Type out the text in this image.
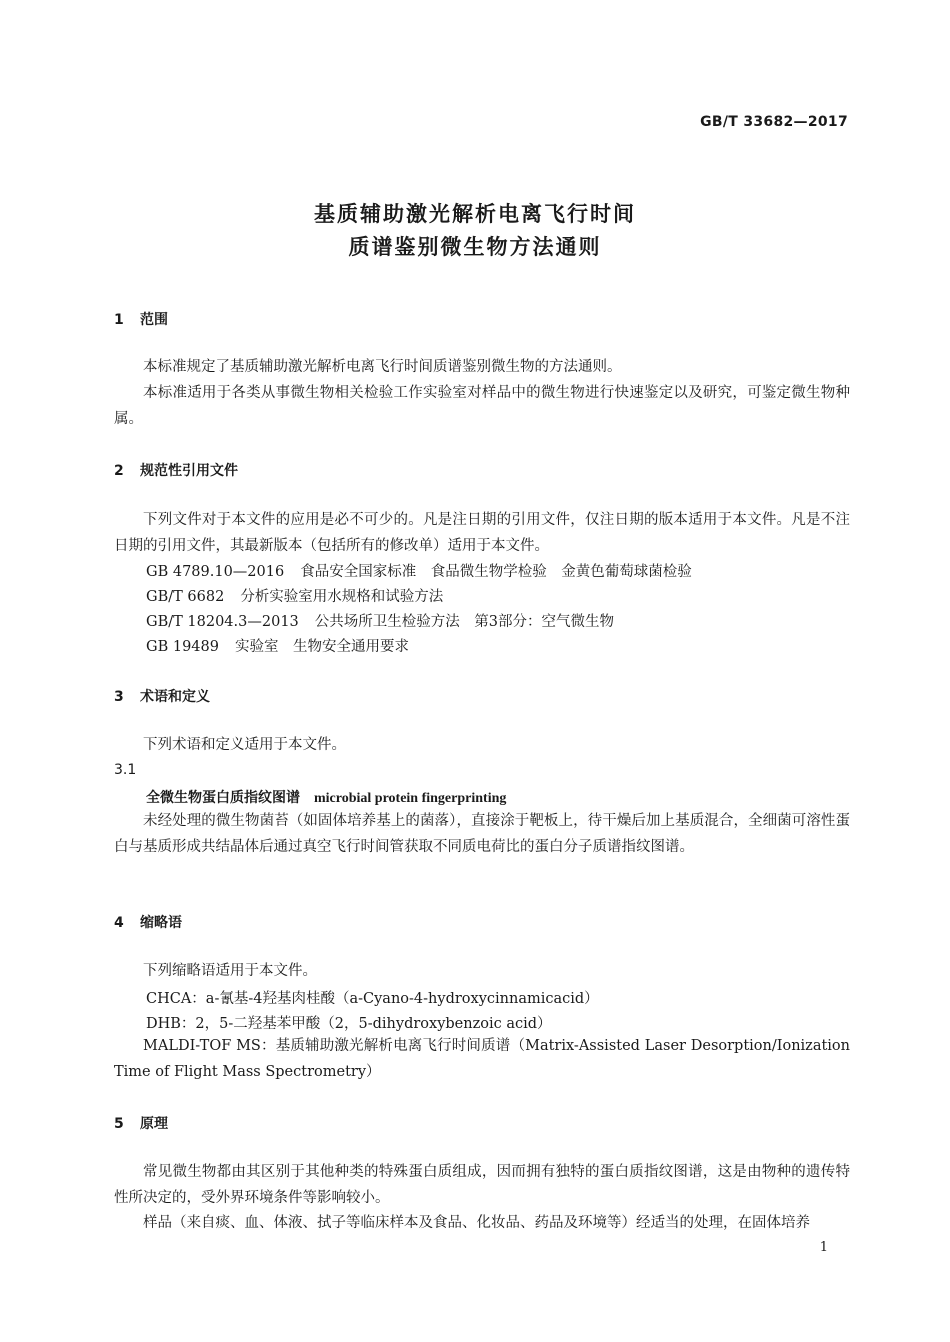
GB/T 33682—2017
基质辅助激光解析电离飞行时间
质谱鉴别微生物方法通则
1 范围
本标准规定了基质辅助激光解析电离飞行时间质谱鉴别微生物的方法通则。
本标准适用于各类从事微生物相关检验工作实验室对样品中的微生物进行快速鉴定以及研究，可鉴定微生物种属。
2 规范性引用文件
下列文件对于本文件的应用是必不可少的。凡是注日期的引用文件，仅注日期的版本适用于本文件。凡是不注日期的引用文件，其最新版本（包括所有的修改单）适用于本文件。
GB 4789.10—2016 食品安全国家标准　食品微生物学检验　金黄色葡萄球菌检验
GB/T 6682 分析实验室用水规格和试验方法
GB/T 18204.3—2013 公共场所卫生检验方法　第3部分：空气微生物
GB 19489 实验室　生物安全通用要求
3 术语和定义
下列术语和定义适用于本文件。
3.1
全微生物蛋白质指纹图谱 microbial protein fingerprinting
未经处理的微生物菌苔（如固体培养基上的菌落），直接涂于靶板上，待干燥后加上基质混合，全细菌可溶性蛋白与基质形成共结晶体后通过真空飞行时间管获取不同质电荷比的蛋白分子质谱指纹图谱。
4 缩略语
下列缩略语适用于本文件。
CHCA：a-氰基-4羟基肉桂酸（a-Cyano-4-hydroxycinnamicacid）
DHB：2，5-二羟基苯甲酸（2，5-dihydroxybenzoic acid）
MALDI-TOF MS：基质辅助激光解析电离飞行时间质谱（Matrix-Assisted Laser Desorption/Ionization Time of Flight Mass Spectrometry）
5 原理
常见微生物都由其区别于其他种类的特殊蛋白质组成，因而拥有独特的蛋白质指纹图谱，这是由物种的遗传特性所决定的，受外界环境条件等影响较小。
样品（来自痰、血、体液、拭子等临床样本及食品、化妆品、药品及环境等）经适当的处理，在固体培养
1
